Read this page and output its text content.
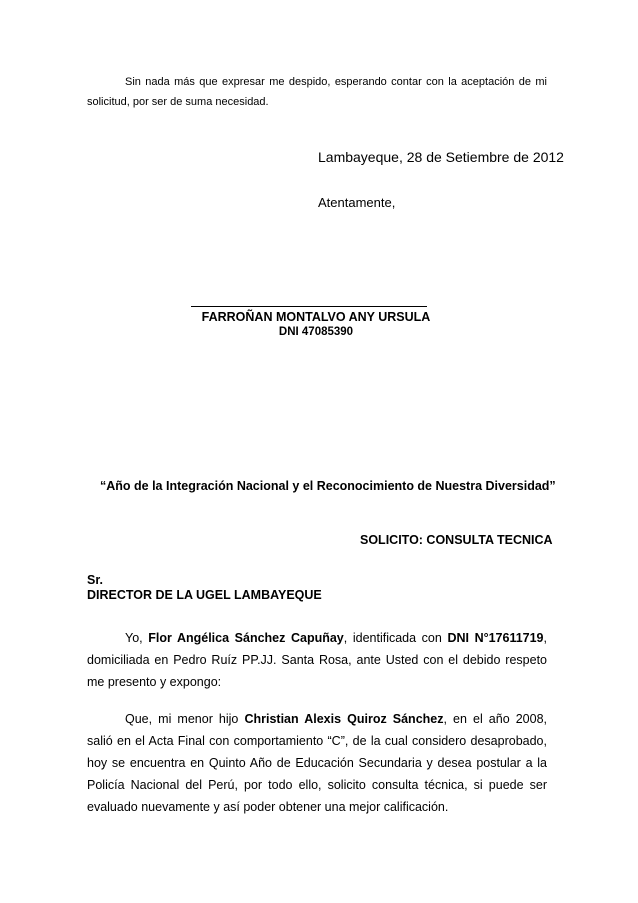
Sin nada más que expresar me despido, esperando contar con la aceptación de mi solicitud, por ser de suma necesidad.
Lambayeque, 28 de Setiembre de 2012
Atentamente,
FARROÑAN MONTALVO ANY URSULA
DNI 47085390
“Año de la Integración Nacional y el Reconocimiento de Nuestra Diversidad”
SOLICITO: CONSULTA TECNICA
Sr.
DIRECTOR DE LA UGEL LAMBAYEQUE
Yo, Flor Angélica Sánchez Capuñay, identificada con DNI N°17611719, domiciliada en Pedro Ruíz PP.JJ. Santa Rosa, ante Usted con el debido respeto me presento y expongo:
Que, mi menor hijo Christian Alexis Quiroz Sánchez, en el año 2008, salió en el Acta Final con comportamiento “C”, de la cual considero desaprobado, hoy se encuentra en Quinto Año de Educación Secundaria y desea postular a la Policía Nacional del Perú, por todo ello, solicito consulta técnica, si puede ser evaluado nuevamente y así poder obtener una mejor calificación.
